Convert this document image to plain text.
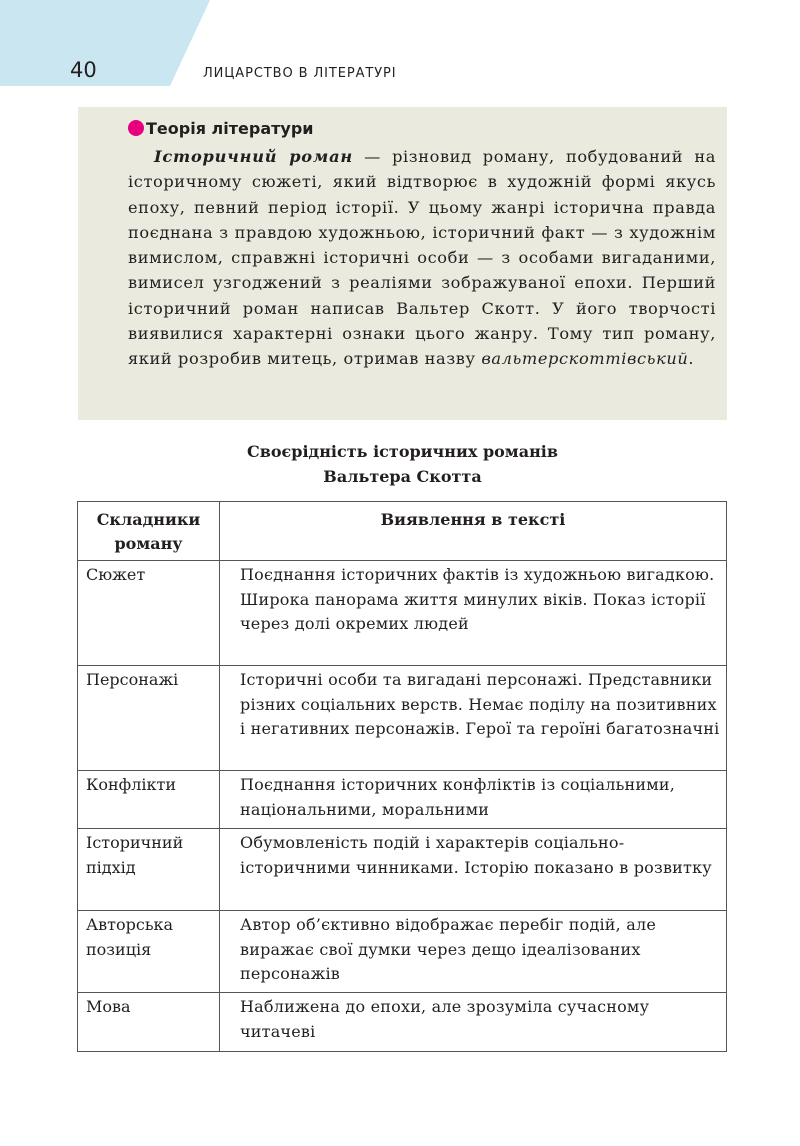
40	ЛИЦАРСТВО В ЛІТЕРАТУРІ
Теорія літератури

Історичний роман — різновид роману, побудований на історичному сюжеті, який відтворює в художній формі якусь епоху, певний період історії. У цьому жанрі історична правда поєднана з правдою художньою, історичний факт — з художнім вимислом, справжні історичні особи — з особами вигаданими, вимисел узгоджений з реаліями зображуваної епохи. Перший історичний роман написав Вальтер Скотт. У його творчості виявилися характерні ознаки цього жанру. Тому тип роману, який розробив митець, отримав назву вальтерскоттівський.

Своєрідність історичних романів
Вальтера Скотта
Складники роману	Виявлення в тексті
Сюжет	Поєднання історичних фактів із художньою вигадкою. Широка панорама життя минулих віків. Показ історії через долі окремих людей
Персонажі	Історичні особи та вигадані персонажі. Представники різних соціальних верств. Немає поділу на позитивних і негативних персонажів. Герої та героїні багатозначні
Конфлікти	Поєднання історичних конфліктів із соціальними, національними, моральними
Історичний підхід	Обумовленість подій і характерів соціально-історичними чинниками. Історію показано в розвитку
Авторська позиція	Автор об’єктивно відображає перебіг подій, але виражає свої думки через дещо ідеалізованих персонажів
Мова	Наближена до епохи, але зрозуміла сучасному читачеві
